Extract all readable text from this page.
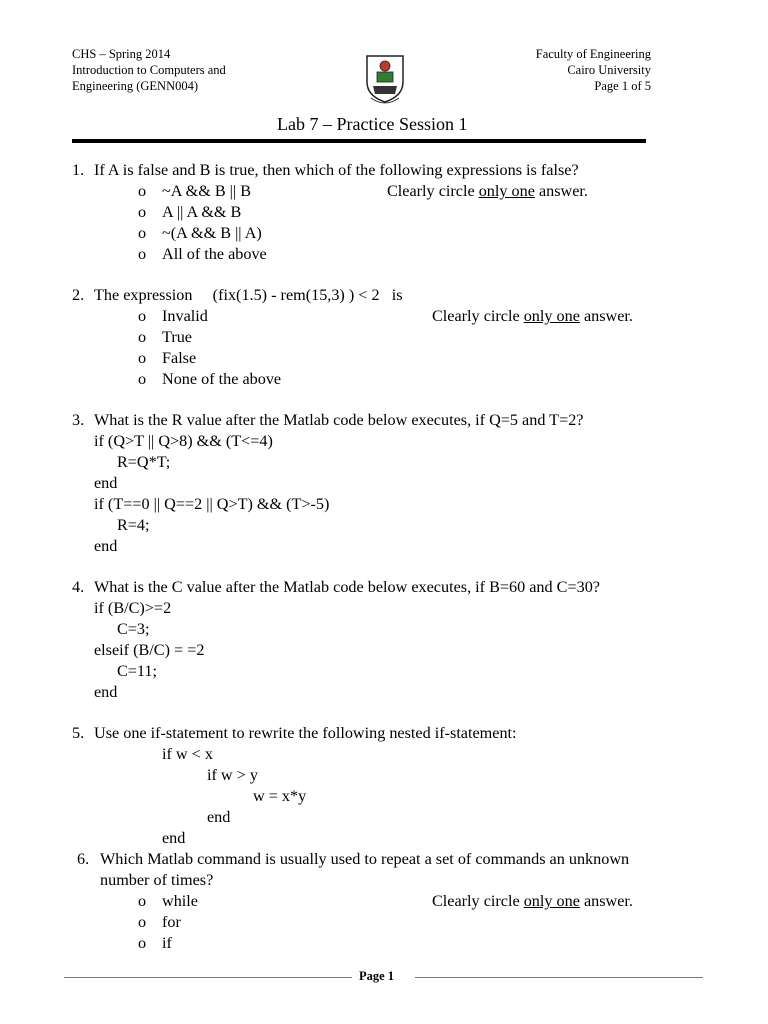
CHS – Spring 2014
Introduction to Computers and
Engineering (GENN004)
Faculty of Engineering
Cairo University
Page 1 of 5
Lab 7 – Practice Session 1
1. If A is false and B is true, then which of the following expressions is false?
o ~A && B || B
o A || A && B
o ~(A && B || A)
o All of the above
Clearly circle only one answer.
2. The expression     (fix(1.5) - rem(15,3) ) < 2   is
o Invalid
o True
o False
o None of the above
Clearly circle only one answer.
3. What is the R value after the Matlab code below executes, if Q=5 and T=2?
if (Q>T || Q>8) && (T<=4)
R=Q*T;
end
if (T==0 || Q==2 || Q>T) && (T>-5)
R=4;
end
4. What is the C value after the Matlab code below executes, if B=60 and C=30?
if (B/C)>=2
C=3;
elseif (B/C) = =2
C=11;
end
5. Use one if-statement to rewrite the following nested if-statement:
if w < x
if w > y
w = x*y
end
end
6. Which Matlab command is usually used to repeat a set of commands an unknown
number of times?
o while
o for
o if
Clearly circle only one answer.
Page 1
